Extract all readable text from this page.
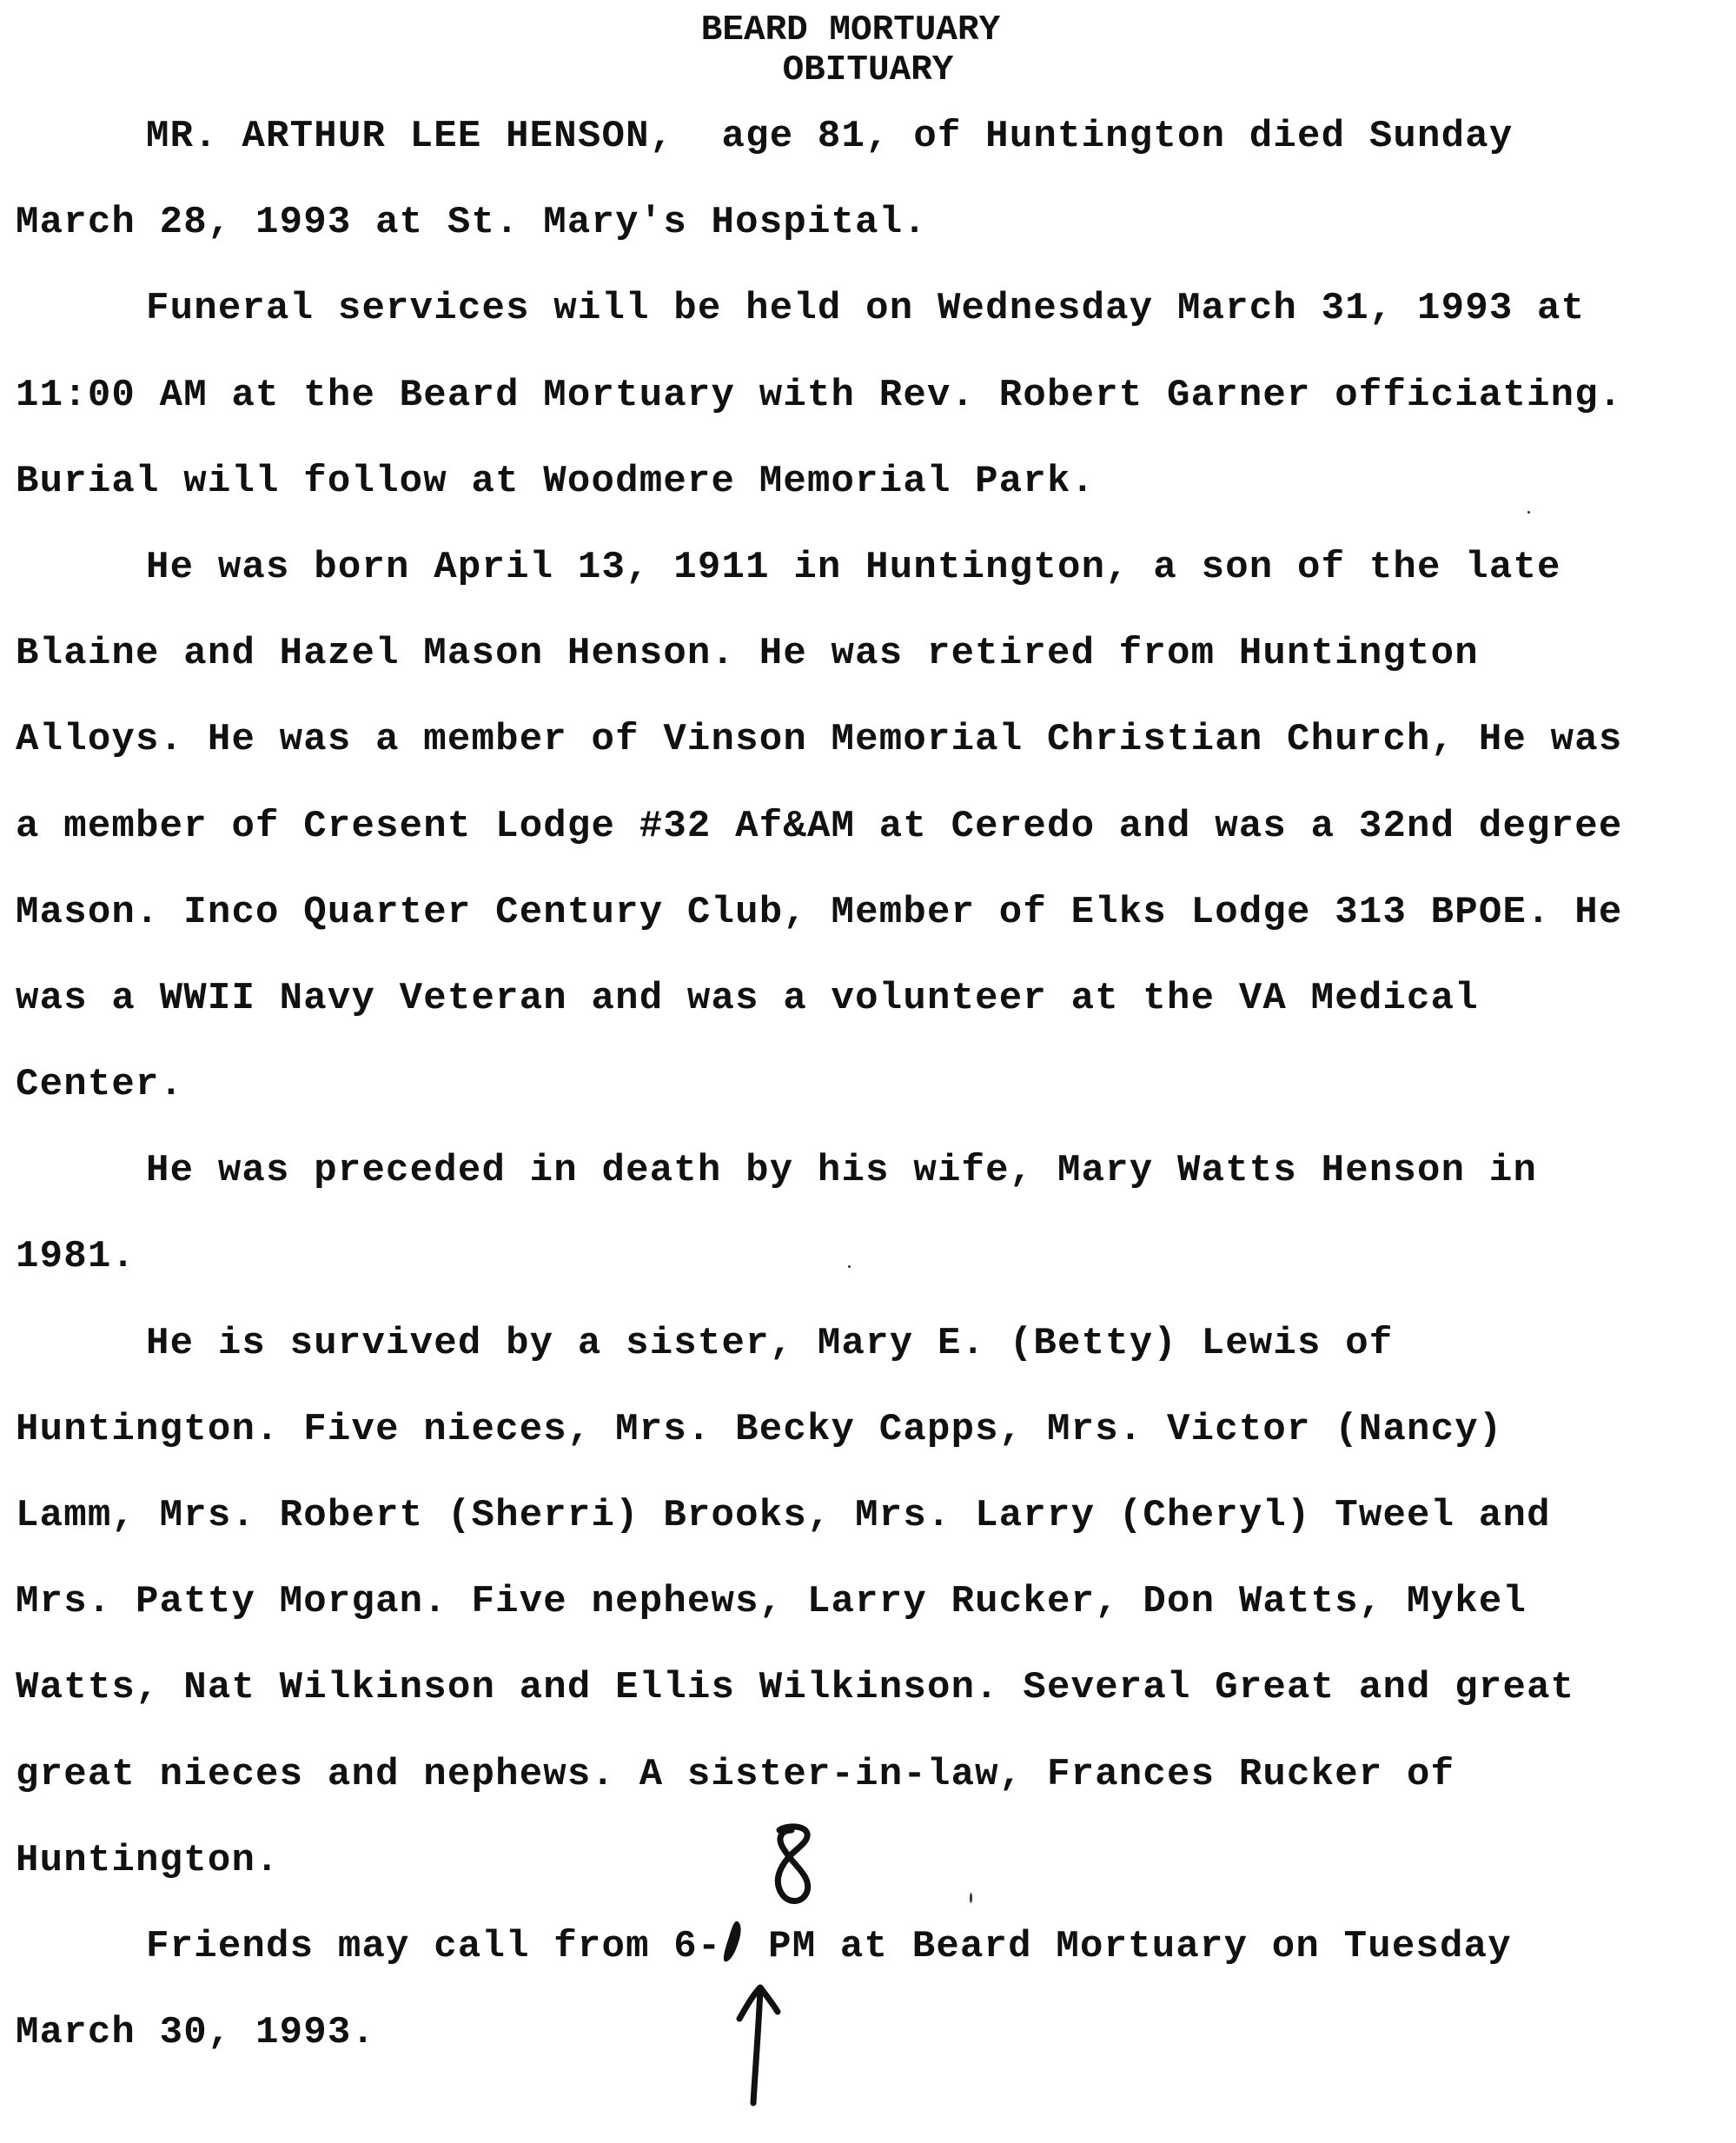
BEARD MORTUARY
OBITUARY
MR. ARTHUR LEE HENSON,  age 81, of Huntington died Sunday
March 28, 1993 at St. Mary's Hospital.
Funeral services will be held on Wednesday March 31, 1993 at
11:00 AM at the Beard Mortuary with Rev. Robert Garner officiating.
Burial will follow at Woodmere Memorial Park.
He was born April 13, 1911 in Huntington, a son of the late
Blaine and Hazel Mason Henson. He was retired from Huntington
Alloys. He was a member of Vinson Memorial Christian Church, He was
a member of Cresent Lodge #32 Af&AM at Ceredo and was a 32nd degree
Mason. Inco Quarter Century Club, Member of Elks Lodge 313 BPOE. He
was a WWII Navy Veteran and was a volunteer at the VA Medical
Center.
He was preceded in death by his wife, Mary Watts Henson in
1981.
He is survived by a sister, Mary E. (Betty) Lewis of
Huntington. Five nieces, Mrs. Becky Capps, Mrs. Victor (Nancy)
Lamm, Mrs. Robert (Sherri) Brooks, Mrs. Larry (Cheryl) Tweel and
Mrs. Patty Morgan. Five nephews, Larry Rucker, Don Watts, Mykel
Watts, Nat Wilkinson and Ellis Wilkinson. Several Great and great
great nieces and nephews. A sister-in-law, Frances Rucker of
Huntington.
Friends may call from 6- PM at Beard Mortuary on Tuesday
March 30, 1993.
